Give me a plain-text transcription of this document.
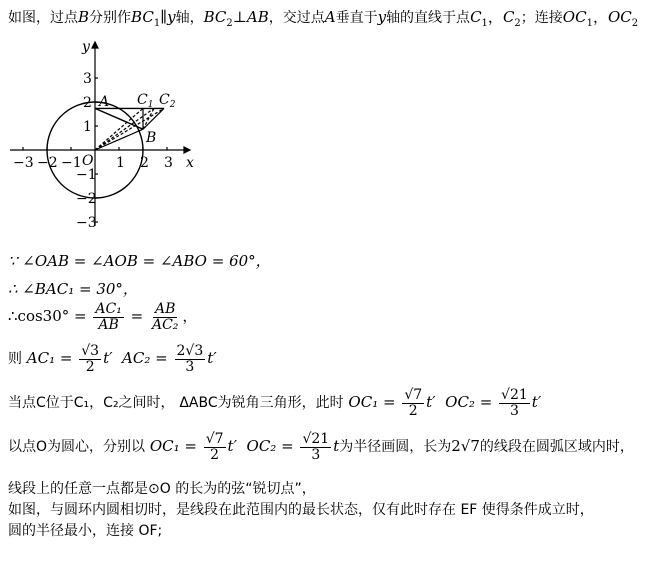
如图，过点B分别作$BC_1\parallel y$轴，$BC_2\perp AB$，交过点A垂直于y轴的直线于点$C_1$，$C_2$；连接$OC_1$，$OC_2$
y
x
O
A
B
$C_1$ $C_2$
−3 −2 −1 1 2 3
3
2
1
−1
−2
−3
∵ ∠OAB = ∠AOB = ∠ABO = 60°，
∴ ∠BAC₁ = 30°，
∴cos30° = $\frac{\text{AC₁}}{AB} = \frac{AB}{\text{AC₂}}$ ，
则 $AC_1 = \frac{√3}{2} t'$ $AC_2 = \frac{2√3}{3} t'$
当点C位于C₁，C₂之间时， ΔABC为锐角三角形，此时 $OC_1 = \frac{√7}{2} t'$ $OC_2 = \frac{√21}{3} t'$
以点O为圆心，分别以 $OC_1 = \frac{√7}{2} t'$ $OC_2 = \frac{√21}{3}$ t为半径画圆，长为2√7的线段在圆弧区域内时，
线段上的任意一点都是⊙O 的长为的弦“锐切点”，
如图，与圆环内圆相切时，是线段在此范围内的最长状态，仅有此时存在 EF 使得条件成立时，
圆的半径最小，连接 OF;
